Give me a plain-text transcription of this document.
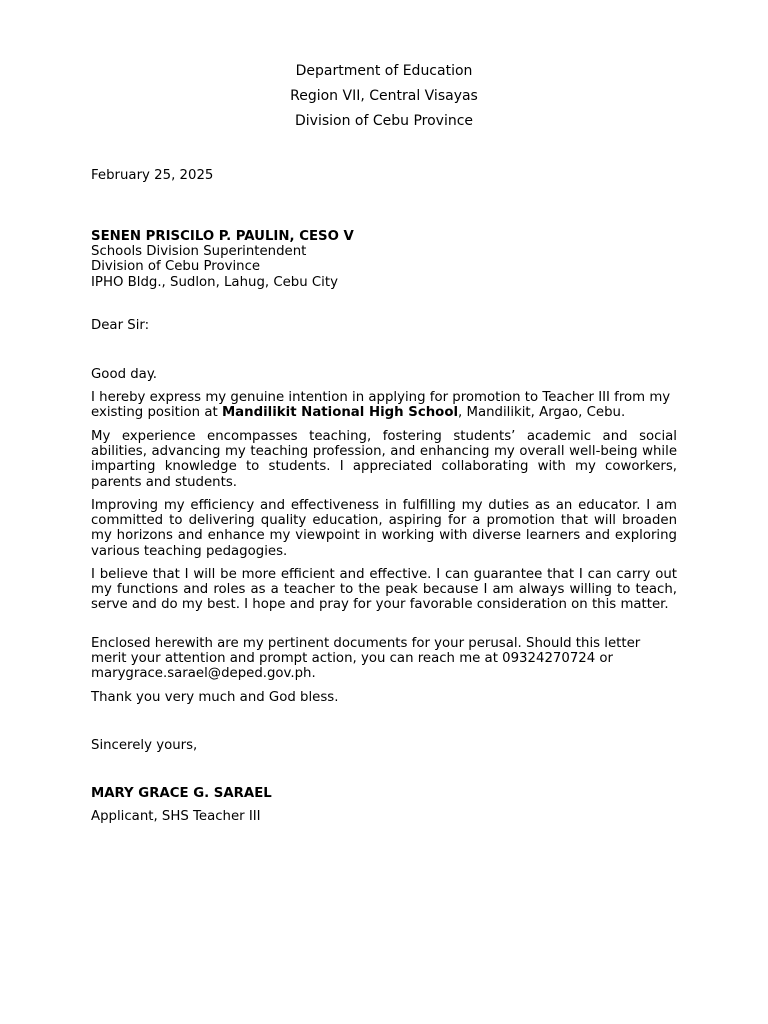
Department of Education
Region VII, Central Visayas
Division of Cebu Province
February 25, 2025
SENEN PRISCILO P. PAULIN, CESO V
Schools Division Superintendent
Division of Cebu Province
IPHO Bldg., Sudlon, Lahug, Cebu City
Dear Sir:
Good day.
I hereby express my genuine intention in applying for promotion to Teacher III from my existing position at Mandilikit National High School, Mandilikit, Argao, Cebu.
My experience encompasses teaching, fostering students’ academic and social abilities, advancing my teaching profession, and enhancing my overall well-being while imparting knowledge to students. I appreciated collaborating with my coworkers, parents and students.
Improving my efficiency and effectiveness in fulfilling my duties as an educator. I am committed to delivering quality education, aspiring for a promotion that will broaden my horizons and enhance my viewpoint in working with diverse learners and exploring various teaching pedagogies.
I believe that I will be more efficient and effective. I can guarantee that I can carry out my functions and roles as a teacher to the peak because I am always willing to teach, serve and do my best. I hope and pray for your favorable consideration on this matter.
Enclosed herewith are my pertinent documents for your perusal. Should this letter
merit your attention and prompt action, you can reach me at 09324270724 or
marygrace.sarael@deped.gov.ph.
Thank you very much and God bless.
Sincerely yours,
MARY GRACE G. SARAEL
Applicant, SHS Teacher III
